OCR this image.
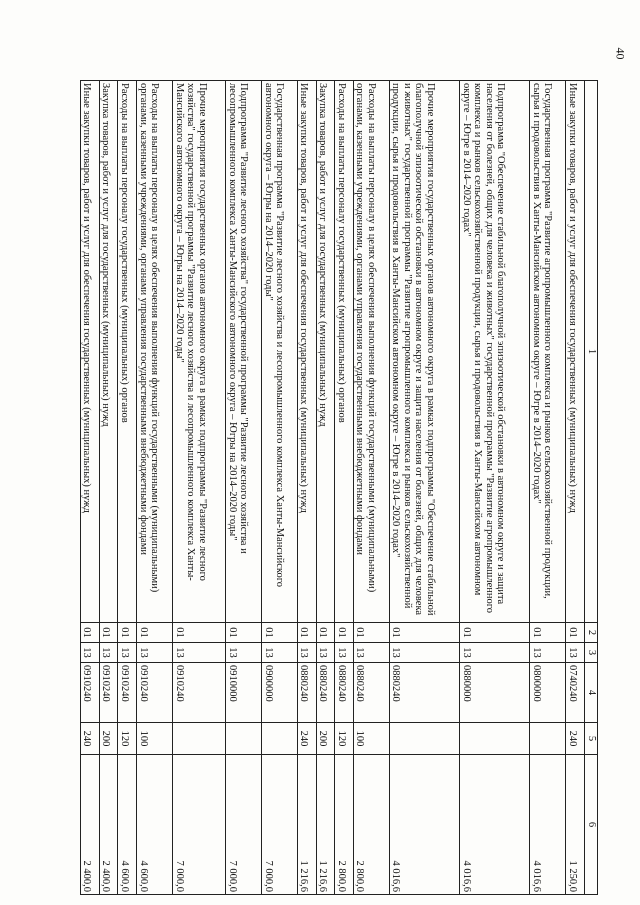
40
1	2	3	4	5	6
Иные закупки товаров, работ и услуг для обеспечения государственных (муниципальных) нужд	01	13	0740240	240	1 250,0
Государственная программа "Развитие агропромышленного комплекса и рынков сельскохозяйственной продукции, сырья и продовольствия в Ханты-Мансийском автономном округе – Югре в 2014–2020 годах"	01	13	0800000		4 016,6
Подпрограмма "Обеспечение стабильной благополучной эпизоотической обстановки в автономном округе и защита населения от болезней, общих для человека и животных" государственной программы "Развитие агропромышленного комплекса и рынков сельскохозяйственной продукции, сырья и продовольствия в Ханты-Мансийском автономном округе – Югре в 2014–2020 годах"	01	13	0880000		4 016,6
Прочие мероприятия государственных органов автономного округа в рамках подпрограммы "Обеспечение стабильной благополучной эпизоотической обстановки в автономном округе и защита населения от болезней, общих для человека и животных" государственной программы "Развитие агропромышленного комплекса и рынков сельскохозяйственной продукции, сырья и продовольствия в Ханты-Мансийском автономном округе – Югре в 2014–2020 годах"	01	13	0880240		4 016,6
Расходы на выплаты персоналу в целях обеспечения выполнения функций государственными (муниципальными) органами, казенными учреждениями, органами управления государственными внебюджетными фондами	01	13	0880240	100	2 800,0
Расходы на выплаты персоналу государственных (муниципальных) органов	01	13	0880240	120	2 800,0
Закупка товаров, работ и услуг для государственных (муниципальных) нужд	01	13	0880240	200	1 216,6
Иные закупки товаров, работ и услуг для обеспечения государственных (муниципальных) нужд	01	13	0880240	240	1 216,6
Государственная программа "Развитие лесного хозяйства и лесопромышленного комплекса Ханты-Мансийского автономного округа – Югры на 2014–2020 годы"	01	13	0900000		7 000,0
Подпрограмма "Развитие лесного хозяйства" государственной программы "Развитие лесного хозяйства и лесопромышленного комплекса Ханты-Мансийского автономного округа – Югры на 2014–2020 годы"	01	13	0910000		7 000,0
Прочие мероприятия государственных органов автономного округа в рамках подпрограммы "Развитие лесного хозяйства" государственной программы "Развитие лесного хозяйства и лесопромышленного комплекса Ханты-Мансийского автономного округа – Югры на 2014–2020 годы"	01	13	0910240		7 000,0
Расходы на выплаты персоналу в целях обеспечения выполнения функций государственными (муниципальными) органами, казенными учреждениями, органами управления государственными внебюджетными фондами	01	13	0910240	100	4 600,0
Расходы на выплаты персоналу государственных (муниципальных) органов	01	13	0910240	120	4 600,0
Закупка товаров, работ и услуг для государственных (муниципальных) нужд	01	13	0910240	200	2 400,0
Иные закупки товаров, работ и услуг для обеспечения государственных (муниципальных) нужд	01	13	0910240	240	2 400,0
